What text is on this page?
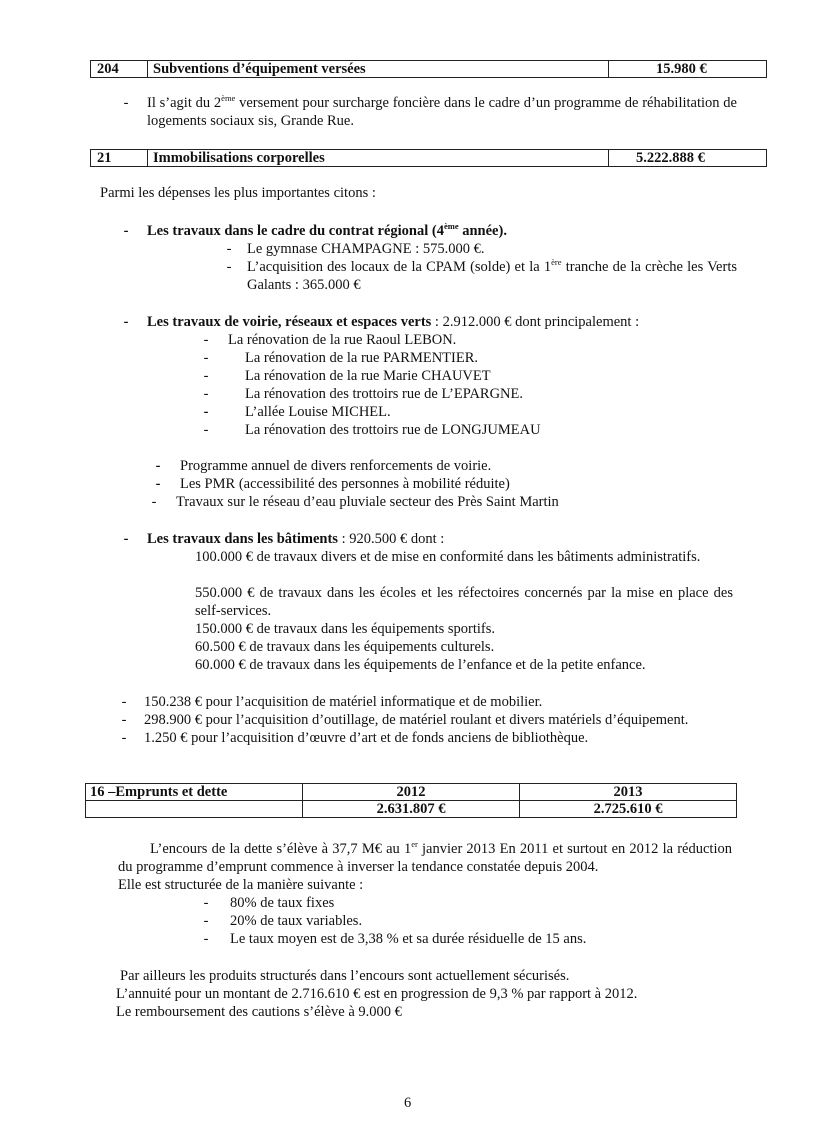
204 Subventions d’équipement versées	15.980 €
- Il s’agit du 2ème versement pour surcharge foncière dans le cadre d’un programme de réhabilitation de logements sociaux sis, Grande Rue.
21	Immobilisations corporelles	5.222.888 €
Parmi les dépenses les plus importantes citons :
- Les travaux dans le cadre du contrat régional (4ème année).
- Le gymnase CHAMPAGNE : 575.000 €.
- L’acquisition des locaux de la CPAM (solde) et la 1ère tranche de la crèche les Verts Galants : 365.000 €
- Les travaux de voirie, réseaux et espaces verts : 2.912.000 € dont principalement :
- La rénovation de la rue Raoul LEBON.
-	La rénovation de la rue PARMENTIER.
-	La rénovation de la rue Marie CHAUVET
-	La rénovation des trottoirs rue de L’EPARGNE.
-	L’allée Louise MICHEL.
-	La rénovation des trottoirs rue de LONGJUMEAU
- Programme annuel de divers renforcements de voirie.
- Les PMR (accessibilité des personnes à mobilité réduite)
- Travaux sur le réseau d’eau pluviale secteur des Près Saint Martin
- Les travaux dans les bâtiments : 920.500 € dont :
100.000 € de travaux divers et de mise en conformité dans les bâtiments administratifs.
550.000 € de travaux dans les écoles et les réfectoires concernés par la mise en place des self-services.
150.000 € de travaux dans les équipements sportifs.
60.500 € de travaux dans les équipements culturels.
60.000 € de travaux dans les équipements de l’enfance et de la petite enfance.
- 150.238 € pour l’acquisition de matériel informatique et de mobilier.
- 298.900 € pour l’acquisition d’outillage, de matériel roulant et divers matériels d’équipement.
- 1.250 € pour l’acquisition d’œuvre d’art et de fonds anciens de bibliothèque.
16 –Emprunts et dette	2012	2013
	2.631.807 €	2.725.610 €
L’encours de la dette s’élève à 37,7 M€ au 1er janvier 2013 En 2011 et surtout en 2012 la réduction du programme d’emprunt commence à inverser la tendance constatée depuis 2004.
Elle est structurée de la manière suivante :
- 80% de taux fixes
- 20% de taux variables.
- Le taux moyen est de 3,38 % et sa durée résiduelle de 15 ans.
Par ailleurs les produits structurés dans l’encours sont actuellement sécurisés.
L’annuité pour un montant de 2.716.610 € est en progression de 9,3 % par rapport à 2012.
Le remboursement des cautions s’élève à 9.000 €
6
